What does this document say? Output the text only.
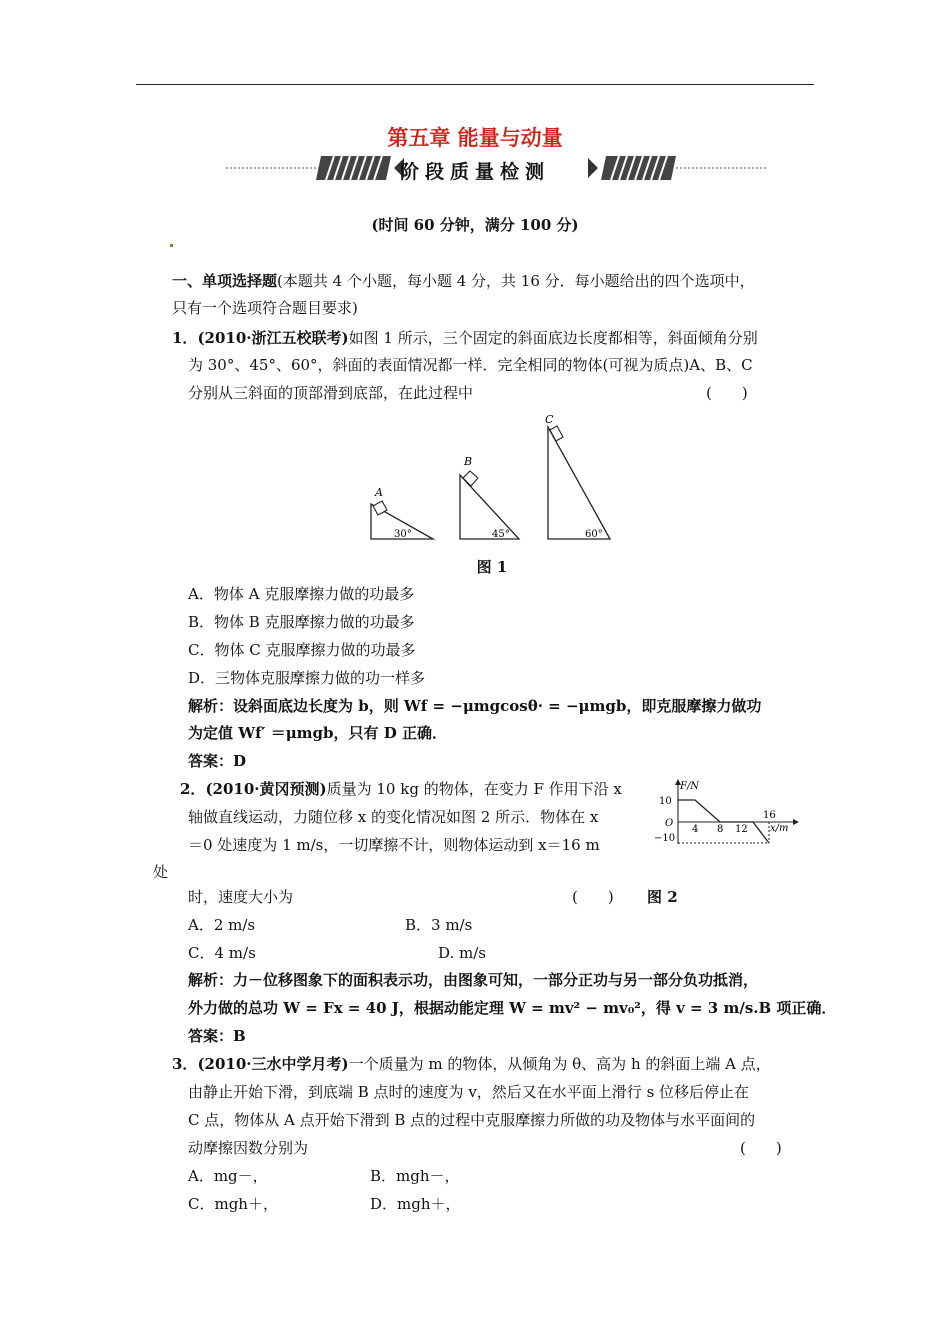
第五章 能量与动量
阶段质量检测
(时间 60 分钟，满分 100 分)
一、单项选择题(本题共 4 个小题，每小题 4 分，共 16 分．每小题给出的四个选项中，
只有一个选项符合题目要求)
1．(2010·浙江五校联考)如图 1 所示，三个固定的斜面底边长度都相等，斜面倾角分别
为 30°、45°、60°，斜面的表面情况都一样．完全相同的物体(可视为质点)A、B、C
分别从三斜面的顶部滑到底部，在此过程中	(　　)
A
30°
B
45°
C
60°
图 1
A．物体 A 克服摩擦力做的功最多
B．物体 B 克服摩擦力做的功最多
C．物体 C 克服摩擦力做的功最多
D．三物体克服摩擦力做的功一样多
解析：设斜面底边长度为 b，则 Wf = −μmgcosθ· = −μmgb，即克服摩擦力做功
为定值 Wf′ ＝μmgb，只有 D 正确．
答案：D
2．(2010·黄冈预测)质量为 10 kg 的物体，在变力 F 作用下沿 x
轴做直线运动，力随位移 x 的变化情况如图 2 所示．物体在 x
＝0 处速度为 1 m/s，一切摩擦不计，则物体运动到 x＝16 m
处
时，速度大小为	(　　) 图 2
F/N
x/m
10
O
−10
4 8 12
16
A．2 m/s	B．3 m/s
C．4 m/s	D. m/s
解析：力－位移图象下的面积表示功，由图象可知，一部分正功与另一部分负功抵消，
外力做的总功 W = Fx = 40 J，根据动能定理 W = mv² − mv₀²，得 v = 3 m/s.B 项正确．
答案：B
3．(2010·三水中学月考)一个质量为 m 的物体，从倾角为 θ、高为 h 的斜面上端 A 点，
由静止开始下滑，到底端 B 点时的速度为 v，然后又在水平面上滑行 s 位移后停止在
C 点，物体从 A 点开始下滑到 B 点的过程中克服摩擦力所做的功及物体与水平面间的
动摩擦因数分别为	(　　)
A．mg－，	B．mgh－，
C．mgh＋，	D．mgh＋，
